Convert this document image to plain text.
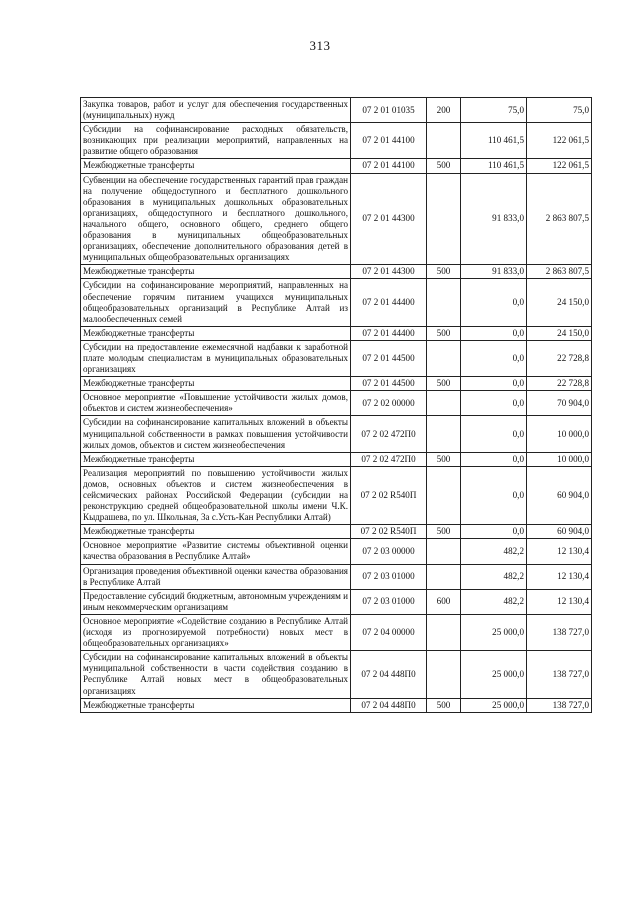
313
Закупка товаров, работ и услуг для обеспечения государственных (муниципальных) нужд	07 2 01 01035	200	75,0	75,0
Субсидии на софинансирование расходных обязательств, возникающих при реализации мероприятий, направленных на развитие общего образования	07 2 01 44100		110 461,5	122 061,5
Межбюджетные трансферты	07 2 01 44100	500	110 461,5	122 061,5
Субвенции на обеспечение государственных гарантий прав граждан на получение общедоступного и бесплатного дошкольного образования в муниципальных дошкольных образовательных организациях, общедоступного и бесплатного дошкольного, начального общего, основного общего, среднего общего образования в муниципальных общеобразовательных организациях, обеспечение дополнительного образования детей в муниципальных общеобразовательных организациях	07 2 01 44300		91 833,0	2 863 807,5
Межбюджетные трансферты	07 2 01 44300	500	91 833,0	2 863 807,5
Субсидии на софинансирование мероприятий, направленных на обеспечение горячим питанием учащихся муниципальных общеобразовательных организаций в Республике Алтай из малообеспеченных семей	07 2 01 44400		0,0	24 150,0
Межбюджетные трансферты	07 2 01 44400	500	0,0	24 150,0
Субсидии на предоставление ежемесячной надбавки к заработной плате молодым специалистам в муниципальных образовательных организациях	07 2 01 44500		0,0	22 728,8
Межбюджетные трансферты	07 2 01 44500	500	0,0	22 728,8
Основное мероприятие «Повышение устойчивости жилых домов, объектов и систем жизнеобеспечения»	07 2 02 00000		0,0	70 904,0
Субсидии на софинансирование капитальных вложений в объекты муниципальной собственности в рамках повышения устойчивости жилых домов, объектов и систем жизнеобеспечения	07 2 02 472П0		0,0	10 000,0
Межбюджетные трансферты	07 2 02 472П0	500	0,0	10 000,0
Реализация мероприятий по повышению устойчивости жилых домов, основных объектов и систем жизнеобеспечения в сейсмических районах Российской Федерации (субсидии на реконструкцию средней общеобразовательной школы имени Ч.К. Кыдрашева, по ул. Школьная, 3а с.Усть-Кан Республики Алтай)	07 2 02 R540П		0,0	60 904,0
Межбюджетные трансферты	07 2 02 R540П	500	0,0	60 904,0
Основное мероприятие «Развитие системы объективной оценки качества образования в Республике Алтай»	07 2 03 00000		482,2	12 130,4
Организация проведения объективной оценки качества образования в Республике Алтай	07 2 03 01000		482,2	12 130,4
Предоставление субсидий бюджетным, автономным учреждениям и иным некоммерческим организациям	07 2 03 01000	600	482,2	12 130,4
Основное мероприятие «Содействие созданию в Республике Алтай (исходя из прогнозируемой потребности) новых мест в общеобразовательных организациях»	07 2 04 00000		25 000,0	138 727,0
Субсидии на софинансирование капитальных вложений в объекты муниципальной собственности в части содействия созданию в Республике Алтай новых мест в общеобразовательных организациях	07 2 04 448П0		25 000,0	138 727,0
Межбюджетные трансферты	07 2 04 448П0	500	25 000,0	138 727,0
